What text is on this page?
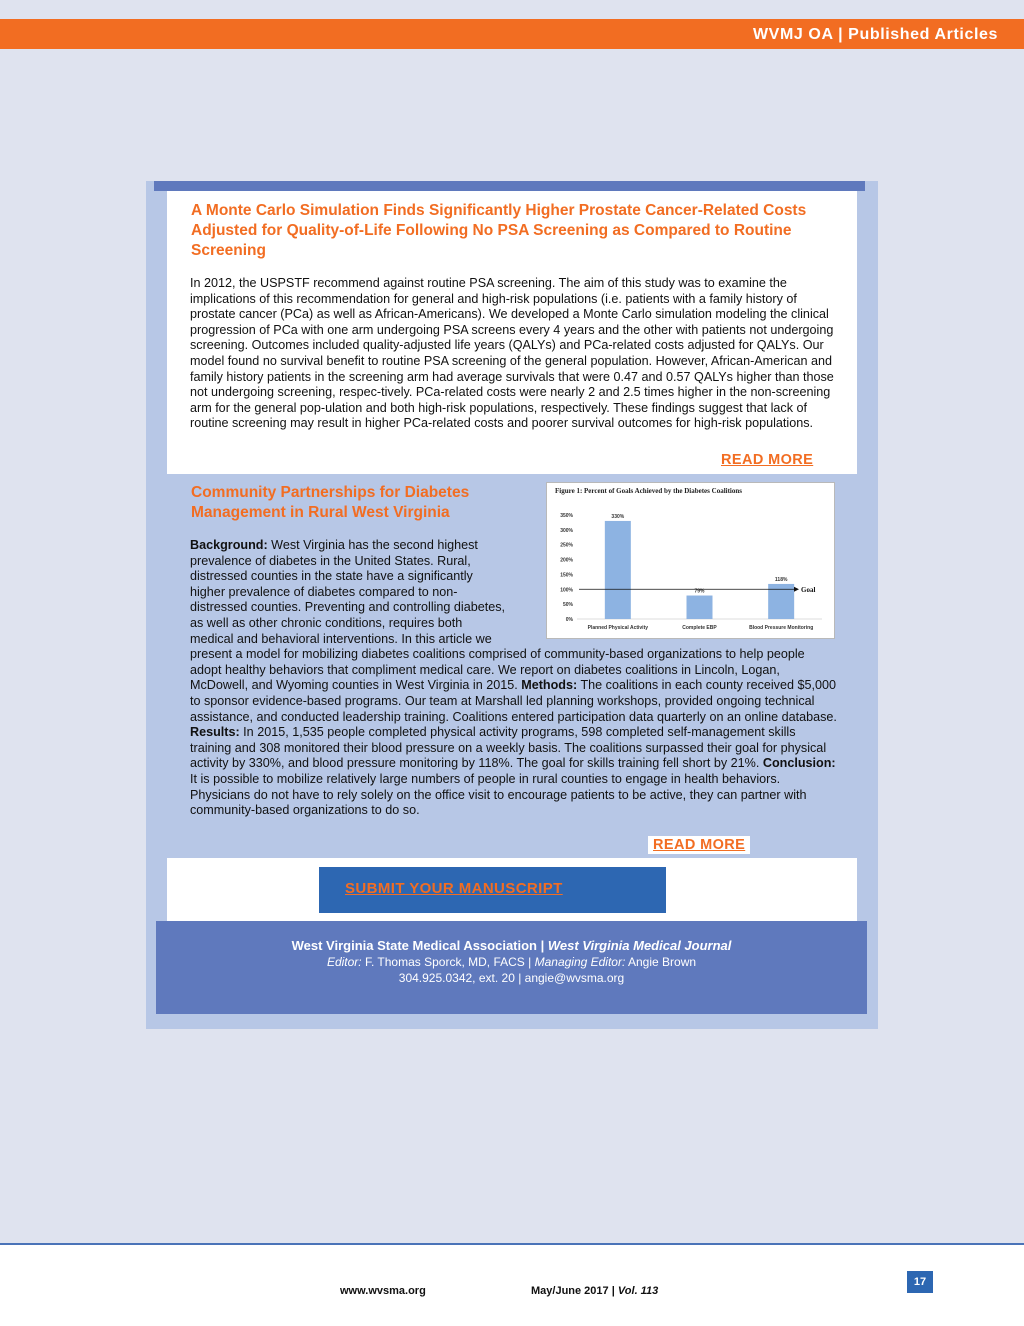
WVMJ OA | Published Articles
A Monte Carlo Simulation Finds Significantly Higher Prostate Cancer-Related Costs Adjusted for Quality-of-Life Following No PSA Screening as Compared to Routine Screening

In 2012, the USPSTF recommend against routine PSA screening. The aim of this study was to examine the implications of this recommendation for general and high-risk populations (i.e. patients with a family history of prostate cancer (PCa) as well as African-Americans). We developed a Monte Carlo simulation modeling the clinical progression of PCa with one arm undergoing PSA screens every 4 years and the other with patients not undergoing screening. Outcomes included quality-adjusted life years (QALYs) and PCa-related costs adjusted for QALYs. Our model found no survival benefit to routine PSA screening of the general population. However, African-American and family history patients in the screening arm had average survivals that were 0.47 and 0.57 QALYs higher than those not undergoing screening, respec-tively. PCa-related costs were nearly 2 and 2.5 times higher in the non-screening arm for the general pop-ulation and both high-risk populations, respectively. These findings suggest that lack of routine screening may result in higher PCa-related costs and poorer survival outcomes for high-risk populations.

READ MORE
Community Partnerships for Diabetes Management in Rural West Virginia

Background: West Virginia has the second highest prevalence of diabetes in the United States. Rural, distressed counties in the state have a significantly higher prevalence of diabetes compared to non-distressed counties. Preventing and controlling diabetes, as well as other chronic conditions, requires both medical and behavioral interventions. In this article we present a model for mobilizing diabetes coalitions comprised of community-based organizations to help people adopt healthy behaviors that compliment medical care. We report on diabetes coalitions in Lincoln, Logan, McDowell, and Wyoming counties in West Virginia in 2015. Methods: The coalitions in each county received $5,000 to sponsor evidence-based programs. Our team at Marshall led planning workshops, provided ongoing technical assistance, and conducted leadership training. Coalitions entered participation data quarterly on an online database. Results: In 2015, 1,535 people completed physical activity programs, 598 completed self-management skills training and 308 monitored their blood pressure on a weekly basis. The coalitions surpassed their goal for physical activity by 330%, and blood pressure monitoring by 118%. The goal for skills training fell short by 21%. Conclusion: It is possible to mobilize relatively large numbers of people in rural counties to engage in health behaviors. Physicians do not have to rely solely on the office visit to encourage patients to be active, they can partner with community-based organizations to do so.

READ MORE
Figure 1: Percent of Goals Achieved by the Diabetes Coalitions
0%
50%
100%
150%
200%
250%
300%
350%	330%
Planned Physical Activity
79%
Complete EBP
118%
Blood Pressure Monitoring
Goal
SUBMIT YOUR MANUSCRIPT
West Virginia State Medical Association | West Virginia Medical Journal
Editor: F. Thomas Sporck, MD, FACS | Managing Editor: Angie Brown
304.925.0342, ext. 20 | angie@wvsma.org
www.wvsma.org	May/June 2017 | Vol. 113
17
